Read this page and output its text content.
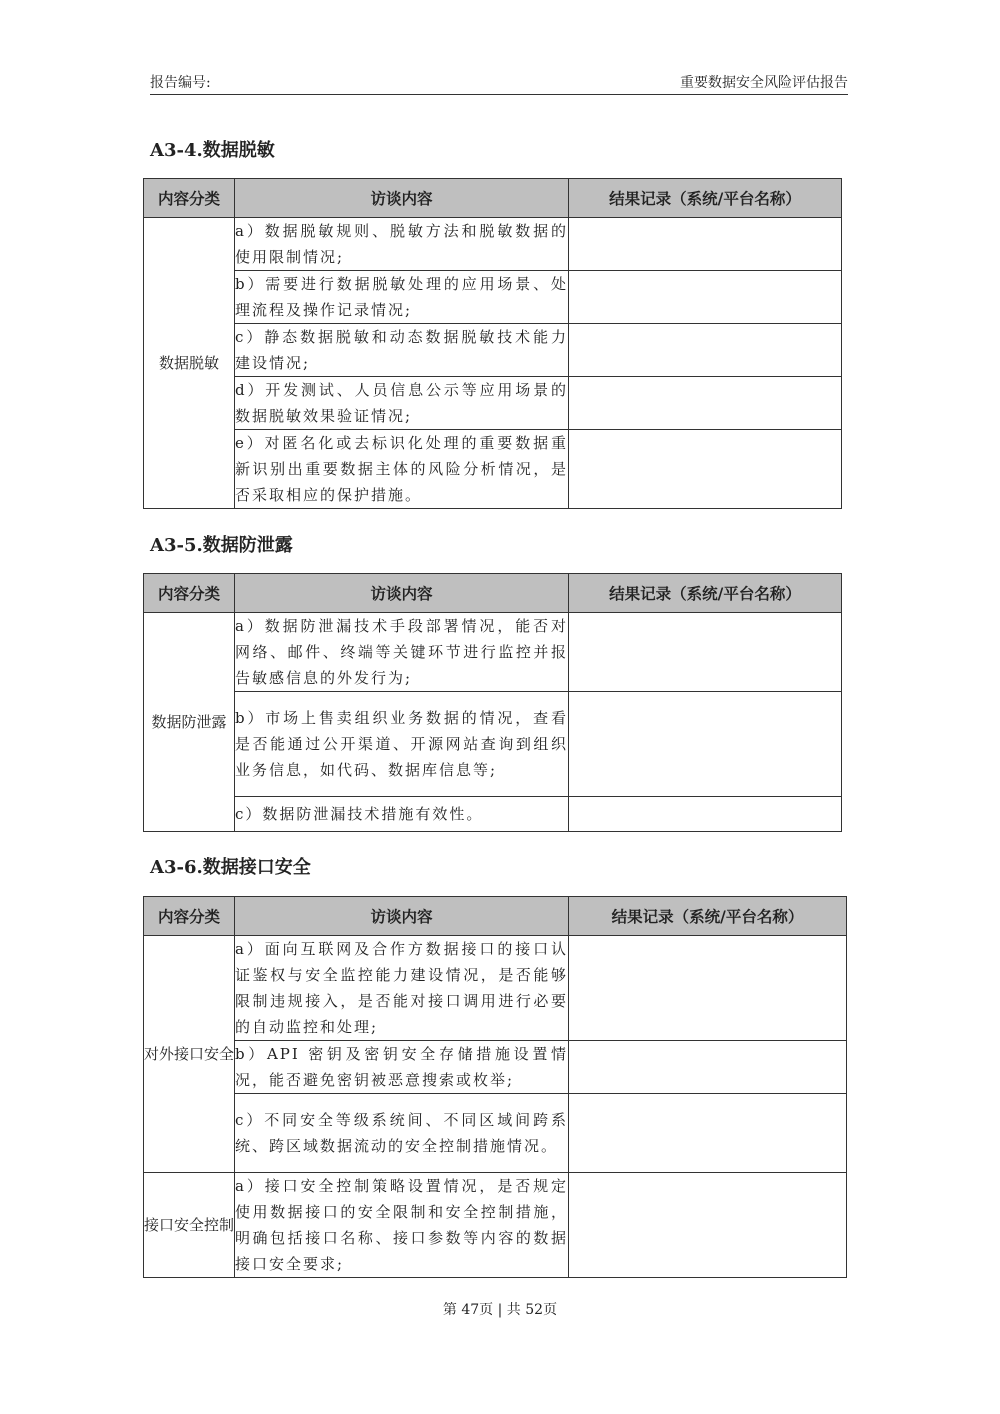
报告编号:	重要数据安全风险评估报告
A3-4.数据脱敏
内容分类	访谈内容	结果记录（系统/平台名称）
数据脱敏	a）数据脱敏规则、脱敏方法和脱敏数据的使用限制情况;	
	b）需要进行数据脱敏处理的应用场景、处理流程及操作记录情况;	
	c）静态数据脱敏和动态数据脱敏技术能力建设情况;	
	d）开发测试、人员信息公示等应用场景的数据脱敏效果验证情况;	
	e）对匿名化或去标识化处理的重要数据重新识别出重要数据主体的风险分析情况，是否采取相应的保护措施。	
A3-5.数据防泄露
内容分类	访谈内容	结果记录（系统/平台名称）
数据防泄露	a）数据防泄漏技术手段部署情况，能否对网络、邮件、终端等关键环节进行监控并报告敏感信息的外发行为;	
	b）市场上售卖组织业务数据的情况，查看是否能通过公开渠道、开源网站查询到组织业务信息，如代码、数据库信息等;	
	c）数据防泄漏技术措施有效性。	
A3-6.数据接口安全
内容分类	访谈内容	结果记录（系统/平台名称）
对外接口安全	a）面向互联网及合作方数据接口的接口认证鉴权与安全监控能力建设情况，是否能够限制违规接入，是否能对接口调用进行必要的自动监控和处理;	
	b）API 密钥及密钥安全存储措施设置情况，能否避免密钥被恶意搜索或枚举;	
	c）不同安全等级系统间、不同区域间跨系统、跨区域数据流动的安全控制措施情况。	
接口安全控制	a）接口安全控制策略设置情况，是否规定使用数据接口的安全限制和安全控制措施，明确包括接口名称、接口参数等内容的数据接口安全要求;	
第 47页 | 共 52页
